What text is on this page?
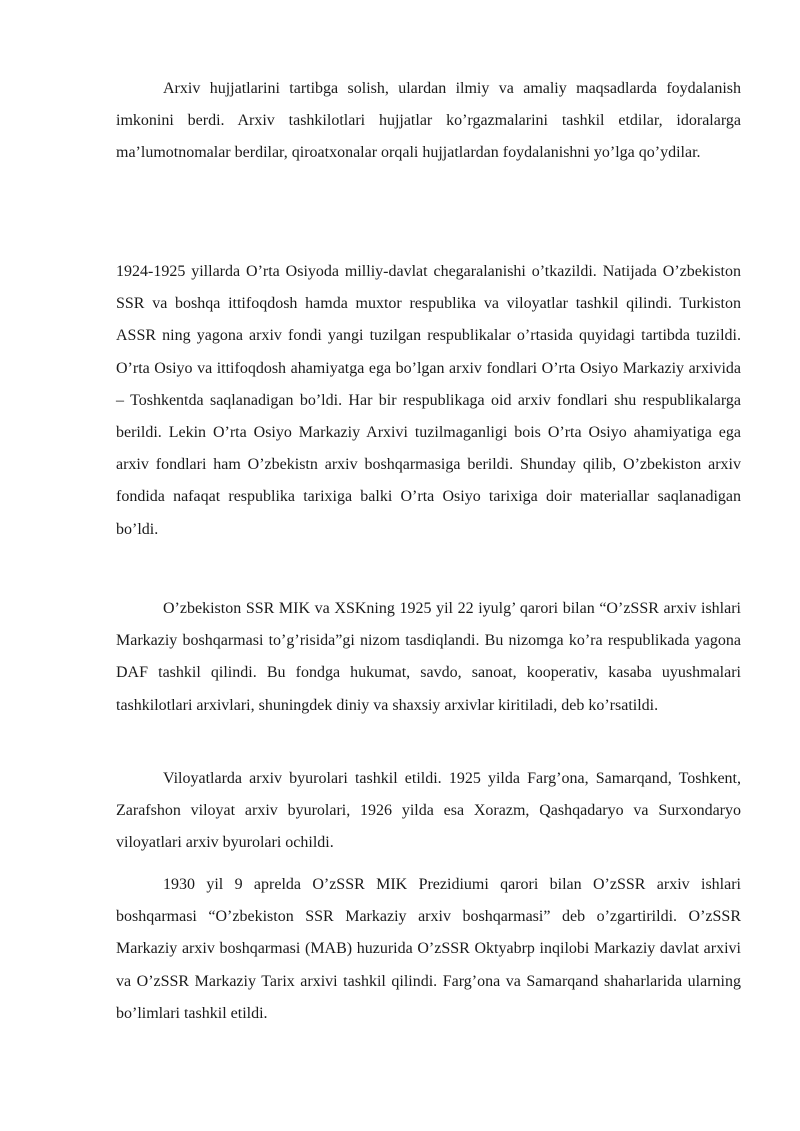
Arxiv hujjatlarini tartibga solish, ulardan ilmiy va amaliy maqsadlarda foydalanish imkonini berdi. Arxiv tashkilotlari hujjatlar ko’rgazmalarini tashkil etdilar, idoralarga ma’lumotnomalar berdilar, qiroatxonalar orqali hujjatlardan foydalanishni yo’lga qo’ydilar.

1924-1925 yillarda O’rta Osiyoda milliy-davlat chegaralanishi o’tkazildi. Natijada O’zbekiston SSR va boshqa ittifoqdosh hamda muxtor respublika va viloyatlar tashkil qilindi. Turkiston ASSR ning yagona arxiv fondi yangi tuzilgan respublikalar o’rtasida quyidagi tartibda tuzildi. O’rta Osiyo va ittifoqdosh ahamiyatga ega bo’lgan arxiv fondlari O’rta Osiyo Markaziy arxivida – Toshkentda saqlanadigan bo’ldi. Har bir respublikaga oid arxiv fondlari shu respublikalarga berildi. Lekin O’rta Osiyo Markaziy Arxivi tuzilmaganligi bois O’rta Osiyo ahamiyatiga ega arxiv fondlari ham O’zbekistn arxiv boshqarmasiga berildi. Shunday qilib, O’zbekiston arxiv fondida nafaqat respublika tarixiga balki O’rta Osiyo tarixiga doir materiallar saqlanadigan bo’ldi.

O’zbekiston SSR MIK va XSKning 1925 yil 22 iyulg’ qarori bilan “O’zSSR arxiv ishlari Markaziy boshqarmasi to’g’risida”gi nizom tasdiqlandi. Bu nizomga ko’ra respublikada yagona DAF tashkil qilindi. Bu fondga hukumat, savdo, sanoat, kooperativ, kasaba uyushmalari tashkilotlari arxivlari, shuningdek diniy va shaxsiy arxivlar kiritiladi, deb ko’rsatildi.

Viloyatlarda arxiv byurolari tashkil etildi. 1925 yilda Farg’ona, Samarqand, Toshkent, Zarafshon viloyat arxiv byurolari, 1926 yilda esa Xorazm, Qashqadaryo va Surxondaryo viloyatlari arxiv byurolari ochildi.

1930 yil 9 aprelda O’zSSR MIK Prezidiumi qarori bilan O’zSSR arxiv ishlari boshqarmasi “O’zbekiston SSR Markaziy arxiv boshqarmasi” deb o’zgartirildi. O’zSSR Markaziy arxiv boshqarmasi (MAB) huzurida O’zSSR Oktyabrp inqilobi Markaziy davlat arxivi va O’zSSR Markaziy Tarix arxivi tashkil qilindi. Farg’ona va Samarqand shaharlarida ularning bo’limlari tashkil etildi.
